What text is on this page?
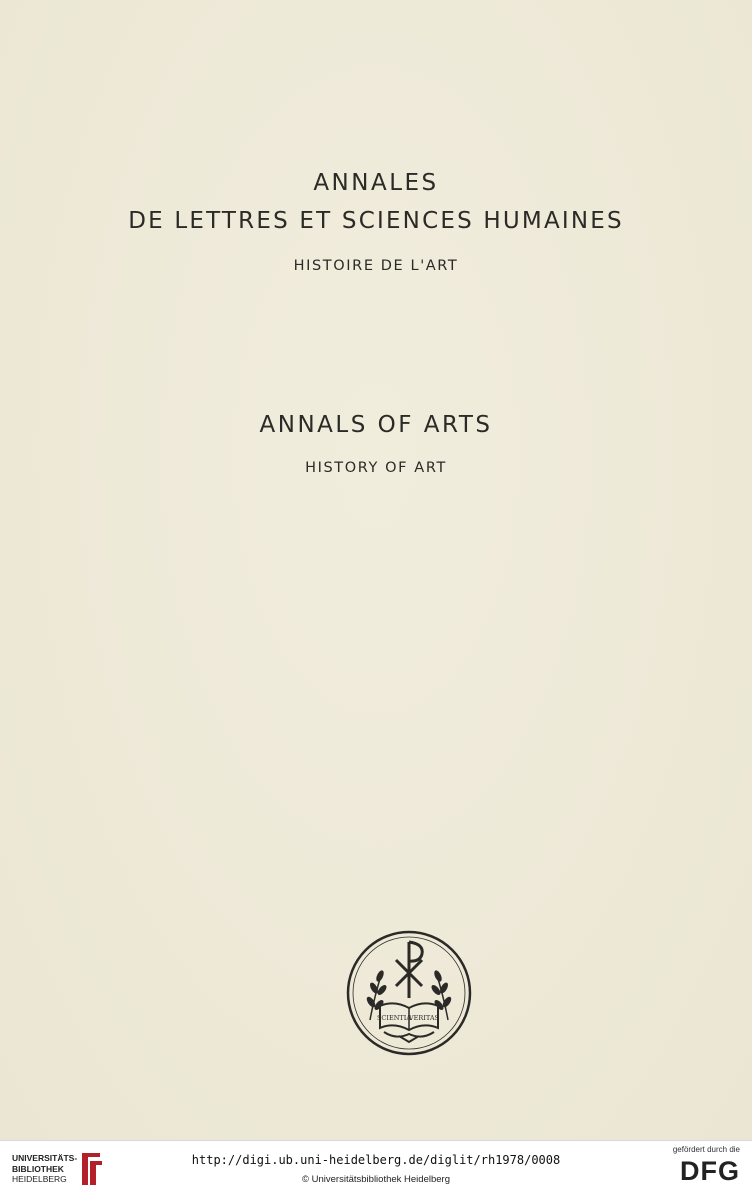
ANNALES
DE LETTRES ET SCIENCES HUMAINES
HISTOIRE DE L'ART
ANNALS OF ARTS
HISTORY OF ART
SCIENTIA
VERITAS
UNIVERSITÄTS-
BIBLIOTHEK
HEIDELBERG
http://digi.ub.uni-heidelberg.de/diglit/rh1978/0008
© Universitätsbibliothek Heidelberg
gefördert durch die
DFG
